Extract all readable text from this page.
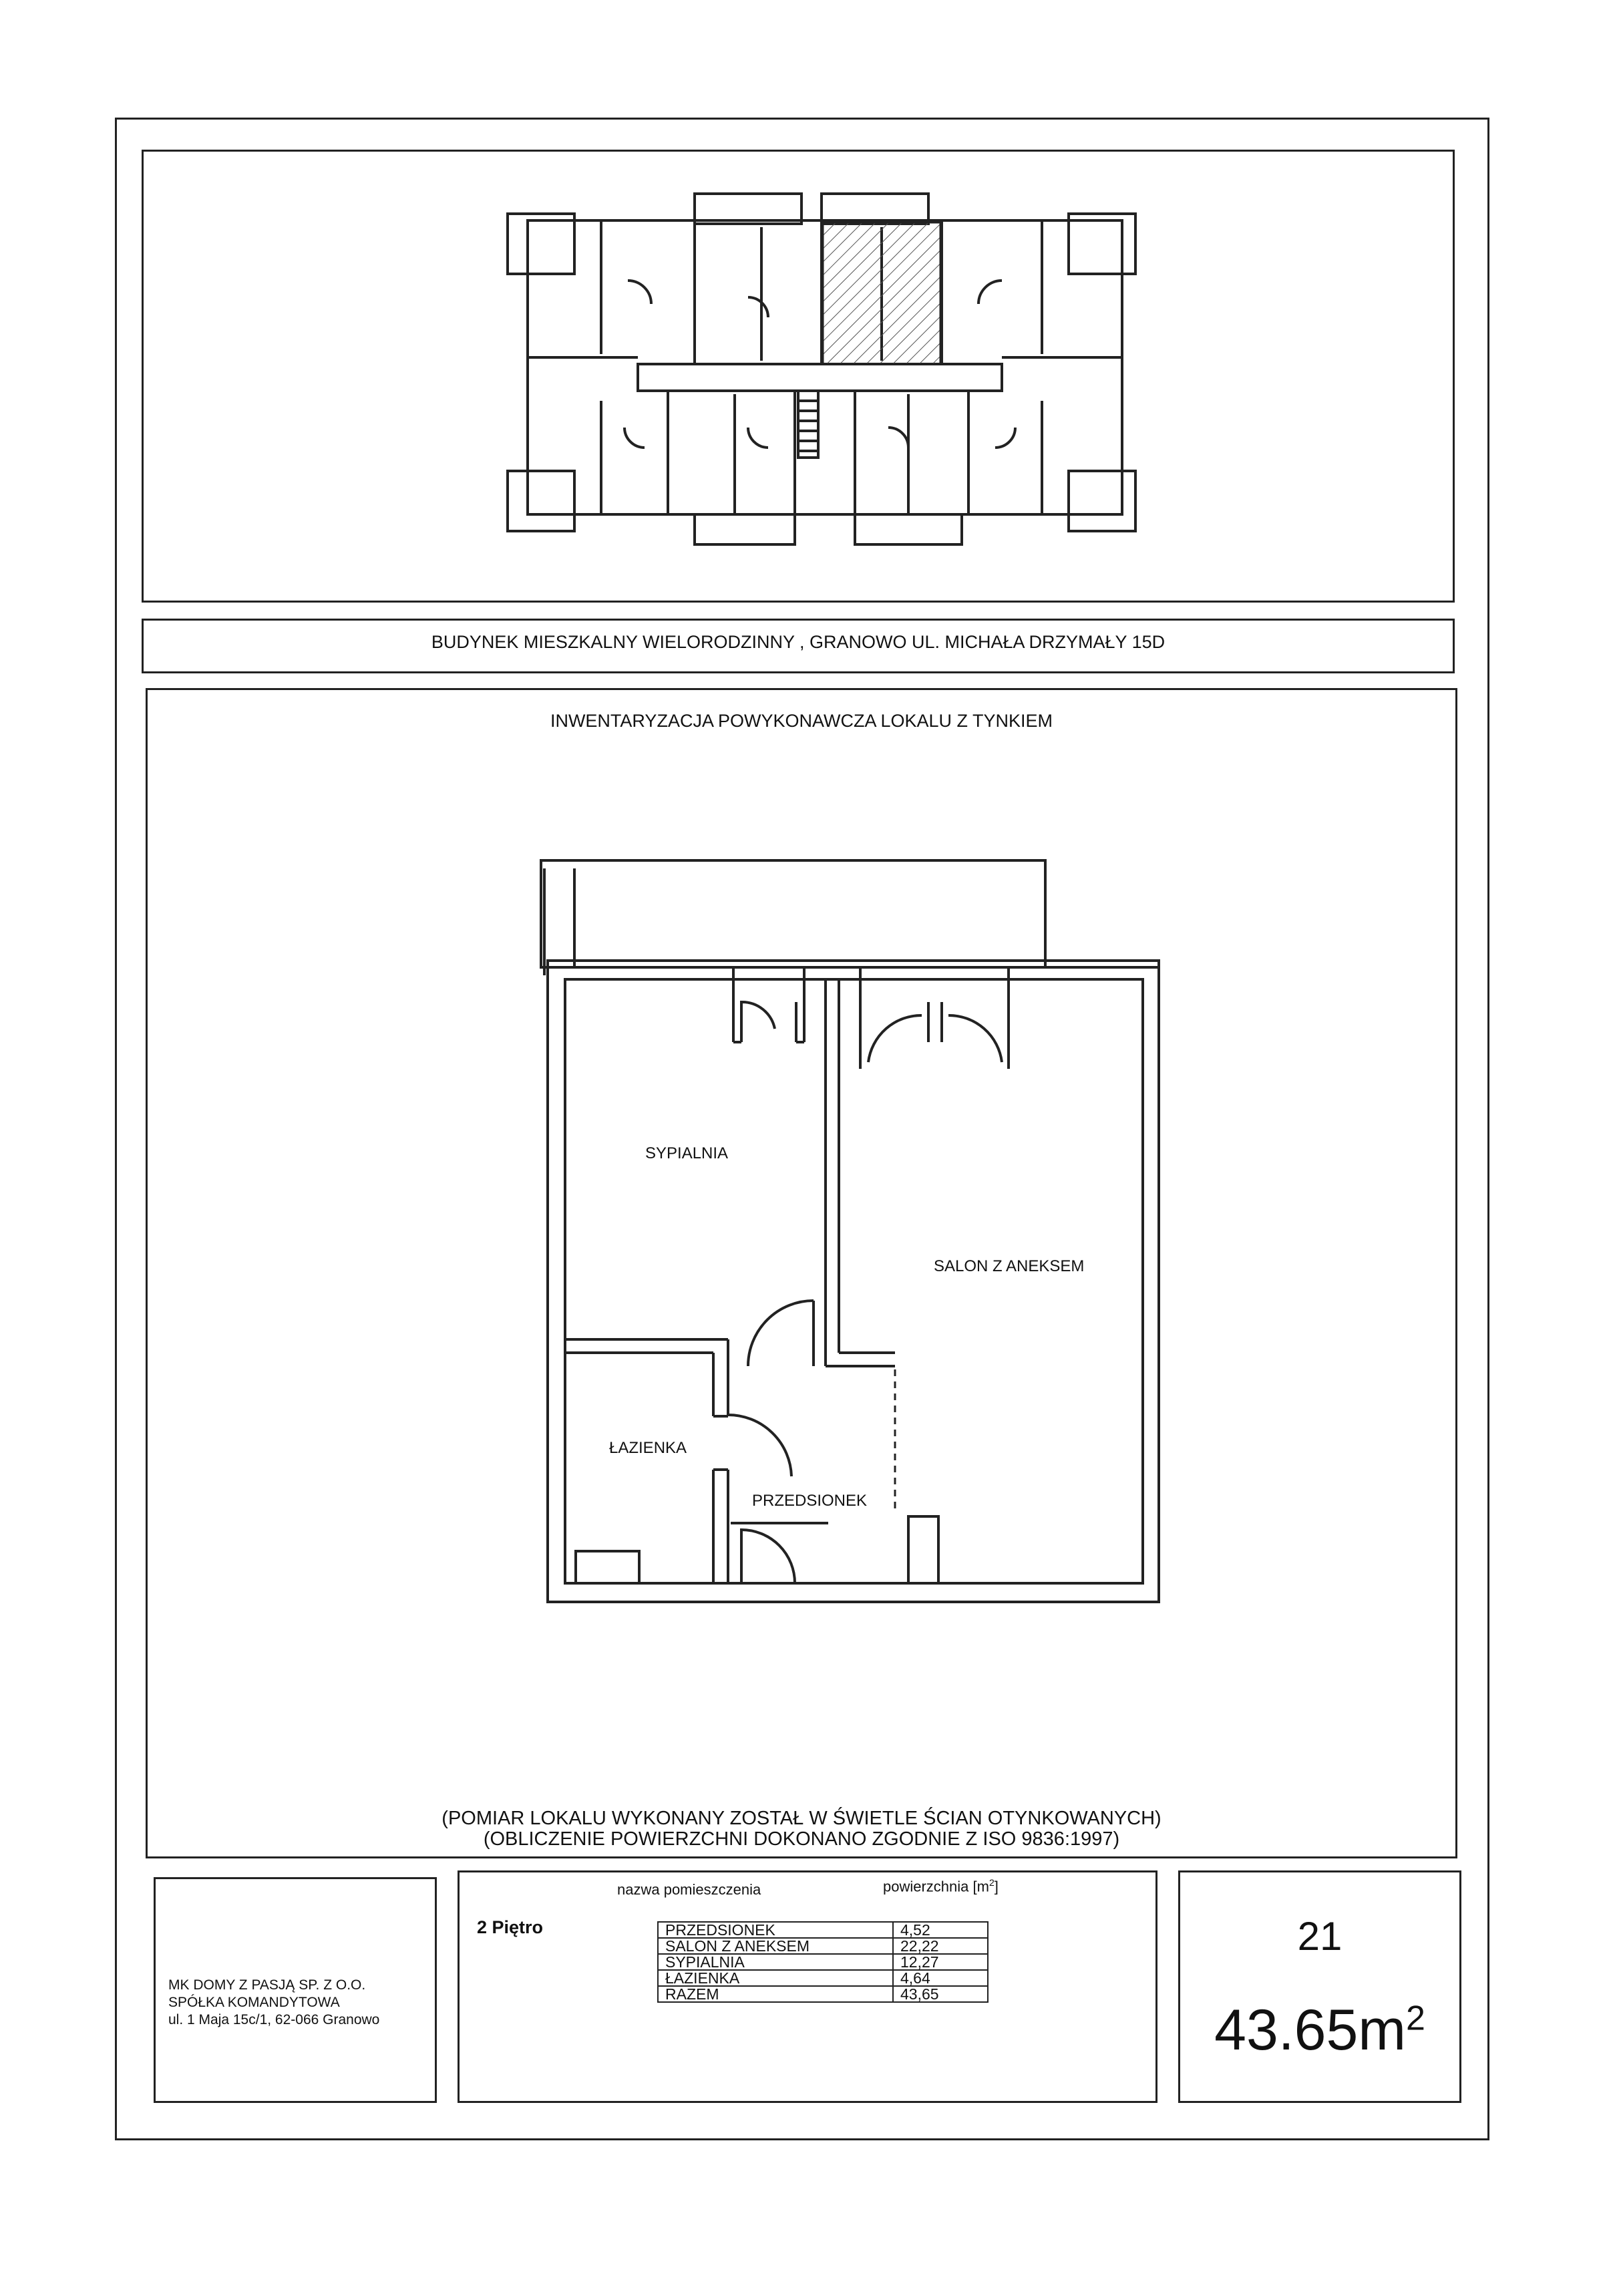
BUDYNEK MIESZKALNY WIELORODZINNY , GRANOWO UL. MICHAŁA DRZYMAŁY 15D
INWENTARYZACJA POWYKONAWCZA LOKALU Z TYNKIEM
SYPIALNIA
SALON Z ANEKSEM
ŁAZIENKA
PRZEDSIONEK
(POMIAR LOKALU WYKONANY ZOSTAŁ W ŚWIETLE ŚCIAN OTYNKOWANYCH)
(OBLICZENIE POWIERZCHNI DOKONANO ZGODNIE Z ISO 9836:1997)
MK DOMY Z PASJĄ SP. Z O.O.
SPÓŁKA KOMANDYTOWA
ul. 1 Maja 15c/1, 62-066 Granowo
nazwa pomieszczenia	powierzchnia $[m^2]$
2 Piętro	PRZEDSIONEK	4,52
SALON Z ANEKSEM	22,22
SYPIALNIA	12,27
ŁAZIENKA	4,64
RAZEM	43,65
21
$43.65m^2$
